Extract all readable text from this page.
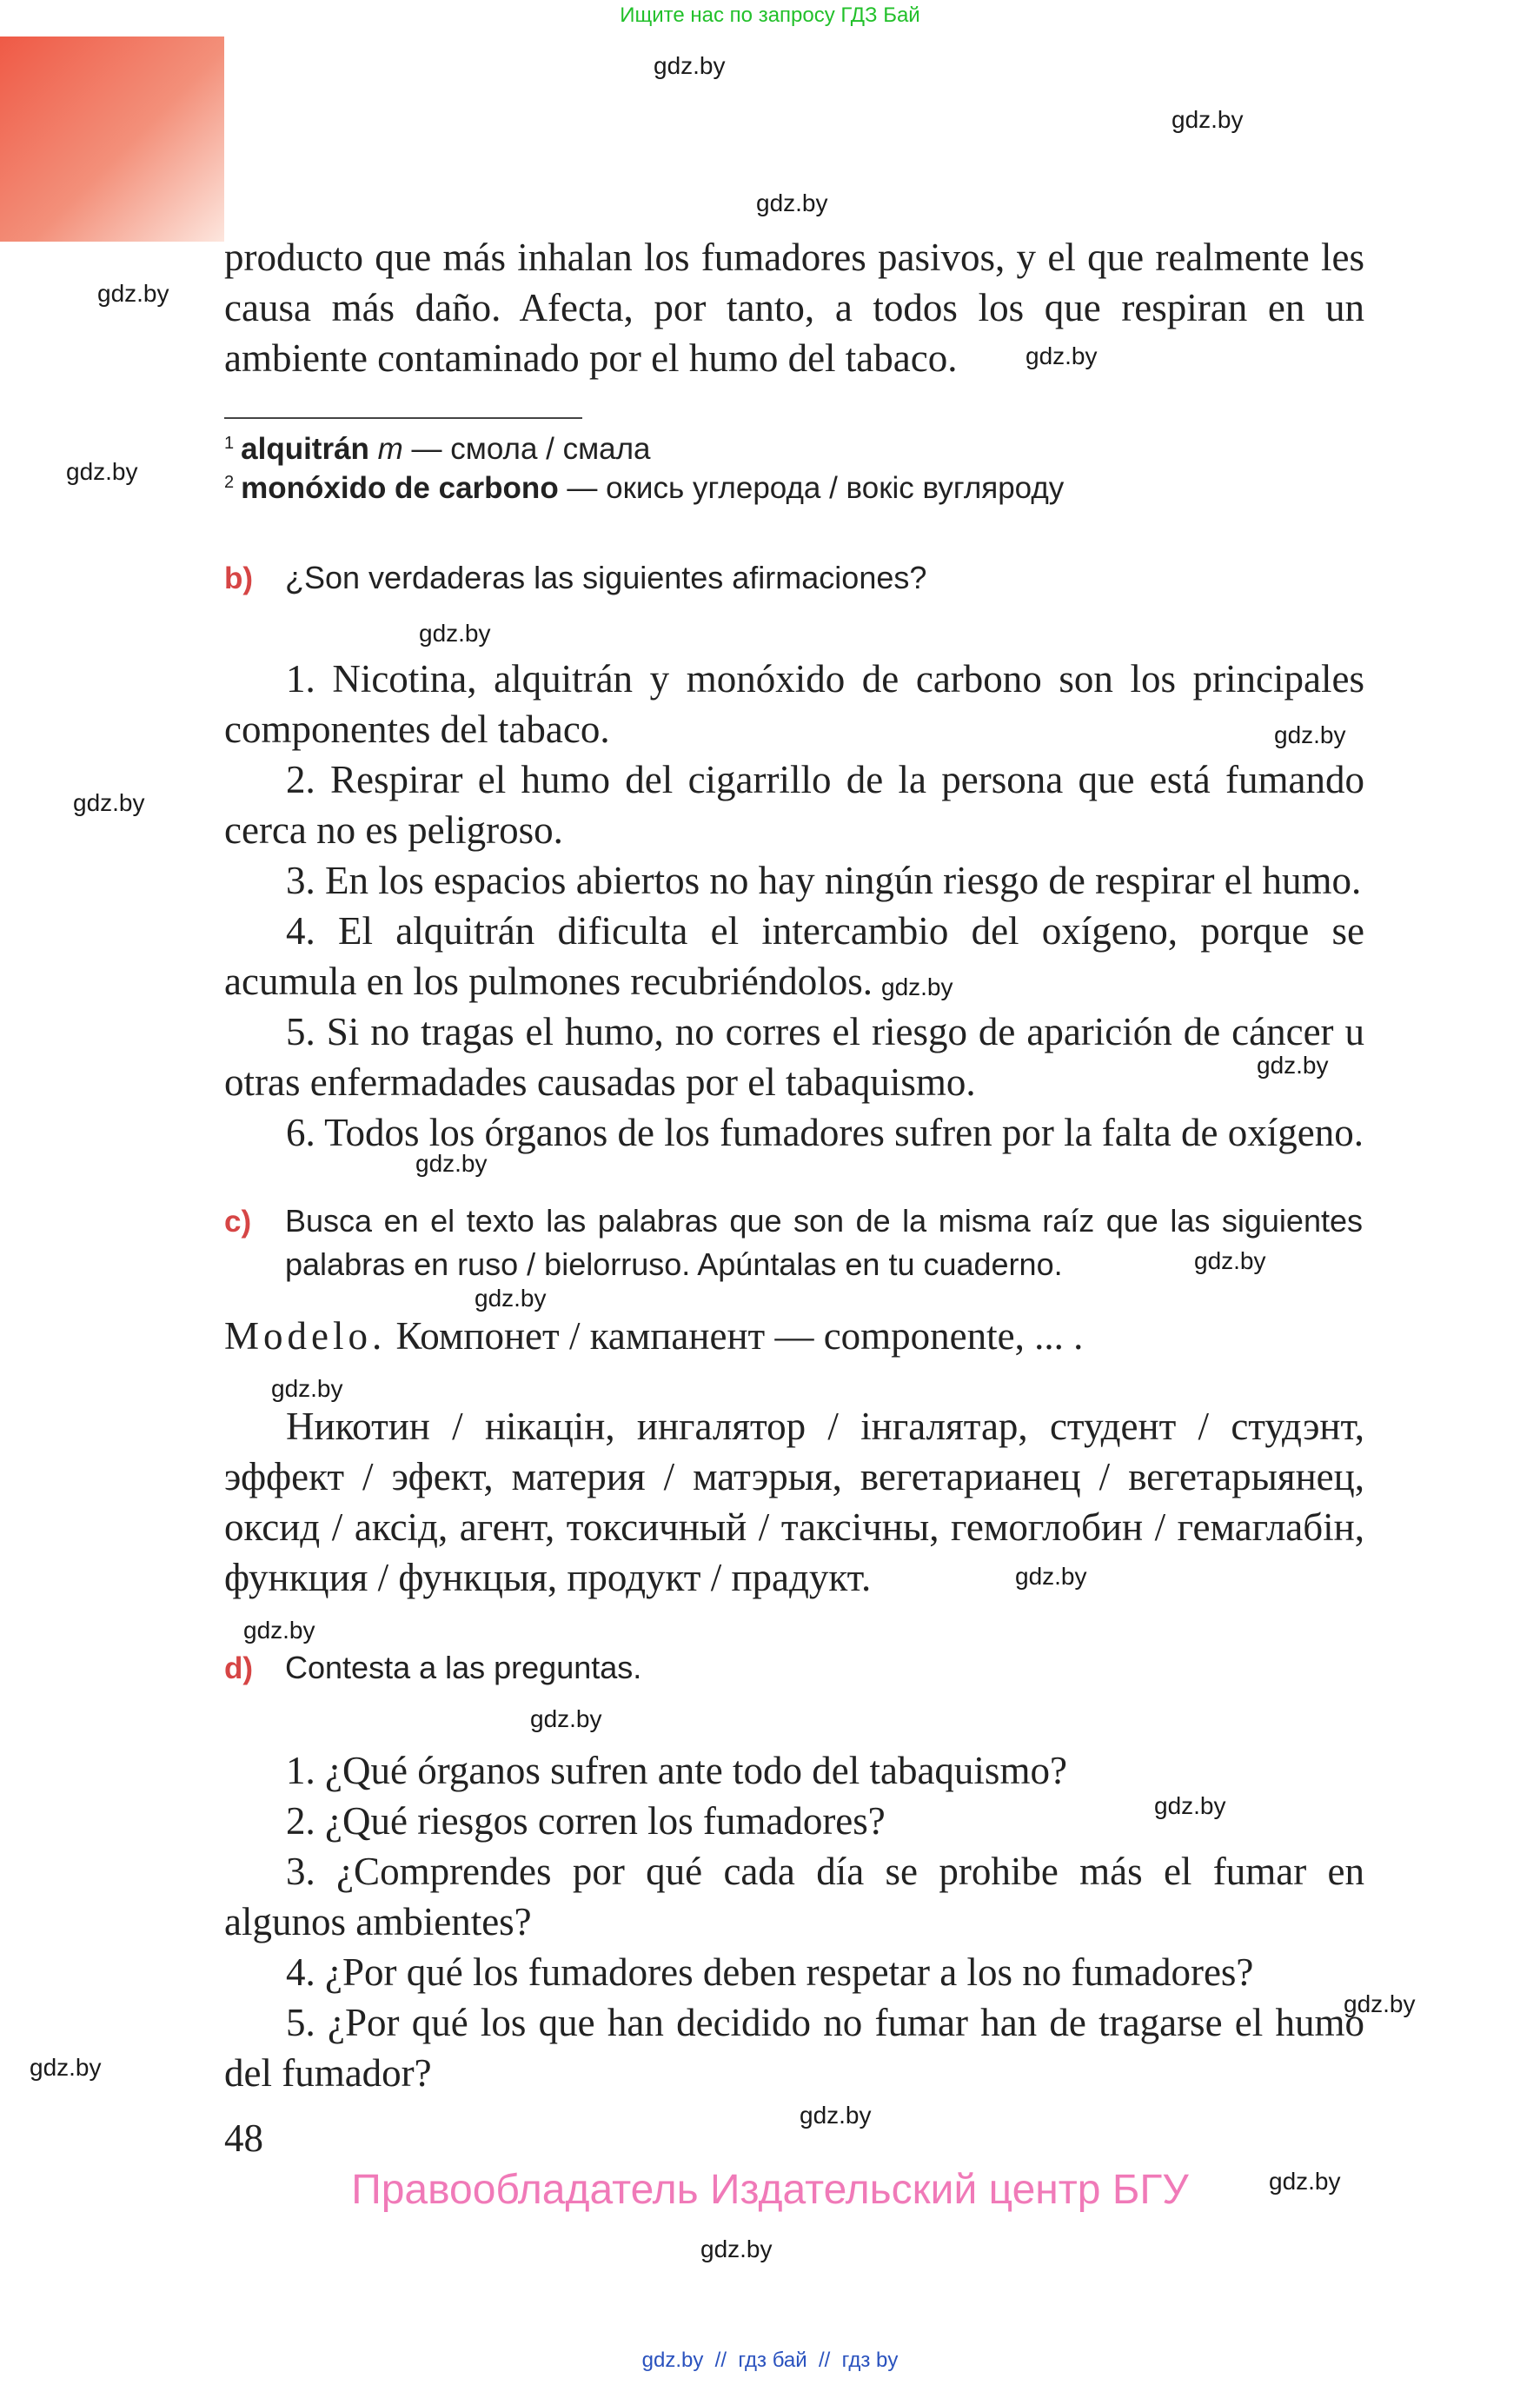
Ищите нас по запросу ГДЗ Бай
gdz.by
gdz.by
gdz.by
gdz.by
gdz.by
gdz.by
gdz.by
gdz.by
gdz.by
gdz.by
gdz.by
gdz.by
gdz.by
gdz.by
gdz.by
gdz.by
gdz.by
gdz.by
gdz.by
gdz.by
gdz.by
gdz.by
gdz.by
gdz.by
producto que más inhalan los fumadores pasivos, y el que realmente les causa más daño. Afecta, por tanto, a todos los que respiran en un ambiente contaminado por el humo del tabaco.
$^1$ alquitrán m — смола / смала
$^2$ monóxido de carbono — окись углерода / вокіс вугляроду
b) ¿Son verdaderas las siguientes afirmaciones?

1. Nicotina, alquitrán y monóxido de carbono son los principales componentes del tabaco.

2. Respirar el humo del cigarrillo de la persona que está fumando cerca no es peligroso.

3. En los espacios abiertos no hay ningún riesgo de respirar el humo.

4. El alquitrán dificulta el intercambio del oxígeno, porque se acumula en los pulmones recubriéndolos.

5. Si no tragas el humo, no corres el riesgo de aparición de cáncer u otras enfermadades causadas por el tabaquismo.

6. Todos los órganos de los fumadores sufren por la falta de oxígeno.

c) Busca en el texto las palabras que son de la misma raíz que las siguientes palabras en ruso / bielorruso. Apúntalas en tu cuaderno.
Modelo. Компонет / кампанент — componente, ... .
Никотин / нікацін, ингалятор / інгалятар, студент / студэнт, эффект / эфект, материя / матэрыя, вегетарианец / вегетарыянец, оксид / аксід, агент, токсичный / таксічны, гемоглобин / гемаглабін, функция / функцыя, продукт / прадукт.
d) Contesta a las preguntas.

1. ¿Qué órganos sufren ante todo del tabaquismo?

2. ¿Qué riesgos corren los fumadores?

3. ¿Comprendes por qué cada día se prohibe más el fumar en algunos ambientes?

4. ¿Por qué los fumadores deben respetar a los no fumadores?

5. ¿Por qué los que han decidido no fumar han de tragarse el humo del fumador?

48
Правообладатель Издательский центр БГУ
gdz.by  //  гдз бай  //  гдз by
